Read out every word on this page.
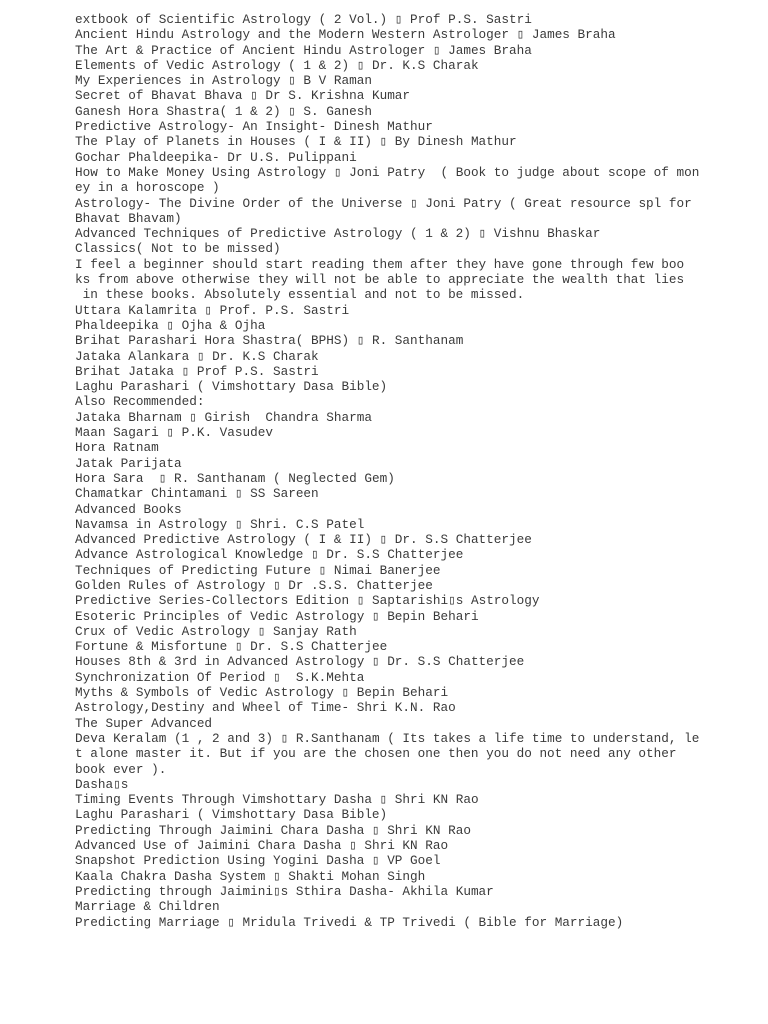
extbook of Scientific Astrology ( 2 Vol.) ▯ Prof P.S. Sastri
Ancient Hindu Astrology and the Modern Western Astrologer ▯ James Braha
The Art & Practice of Ancient Hindu Astrologer ▯ James Braha
Elements of Vedic Astrology ( 1 & 2) ▯ Dr. K.S Charak
My Experiences in Astrology ▯ B V Raman
Secret of Bhavat Bhava ▯ Dr S. Krishna Kumar
Ganesh Hora Shastra( 1 & 2) ▯ S. Ganesh
Predictive Astrology- An Insight- Dinesh Mathur
The Play of Planets in Houses ( I & II) ▯ By Dinesh Mathur
Gochar Phaldeepika- Dr U.S. Pulippani
How to Make Money Using Astrology ▯ Joni Patry  ( Book to judge about scope of mon
ey in a horoscope )
Astrology- The Divine Order of the Universe ▯ Joni Patry ( Great resource spl for
Bhavat Bhavam)
Advanced Techniques of Predictive Astrology ( 1 & 2) ▯ Vishnu Bhaskar
Classics( Not to be missed)
I feel a beginner should start reading them after they have gone through few boo
ks from above otherwise they will not be able to appreciate the wealth that lies
in these books. Absolutely essential and not to be missed.
Uttara Kalamrita ▯ Prof. P.S. Sastri
Phaldeepika ▯ Ojha & Ojha
Brihat Parashari Hora Shastra( BPHS) ▯ R. Santhanam
Jataka Alankara ▯ Dr. K.S Charak
Brihat Jataka ▯ Prof P.S. Sastri
Laghu Parashari ( Vimshottary Dasa Bible)
Also Recommended:
Jataka Bharnam ▯ Girish  Chandra Sharma
Maan Sagari ▯ P.K. Vasudev
Hora Ratnam
Jatak Parijata
Hora Sara  ▯ R. Santhanam ( Neglected Gem)
Chamatkar Chintamani ▯ SS Sareen
Advanced Books
Navamsa in Astrology ▯ Shri. C.S Patel
Advanced Predictive Astrology ( I & II) ▯ Dr. S.S Chatterjee
Advance Astrological Knowledge ▯ Dr. S.S Chatterjee
Techniques of Predicting Future ▯ Nimai Banerjee
Golden Rules of Astrology ▯ Dr .S.S. Chatterjee
Predictive Series-Collectors Edition ▯ Saptarishi▯s Astrology
Esoteric Principles of Vedic Astrology ▯ Bepin Behari
Crux of Vedic Astrology ▯ Sanjay Rath
Fortune & Misfortune ▯ Dr. S.S Chatterjee
Houses 8th & 3rd in Advanced Astrology ▯ Dr. S.S Chatterjee
Synchronization Of Period ▯  S.K.Mehta
Myths & Symbols of Vedic Astrology ▯ Bepin Behari
Astrology,Destiny and Wheel of Time- Shri K.N. Rao
The Super Advanced
Deva Keralam (1 , 2 and 3) ▯ R.Santhanam ( Its takes a life time to understand, le
t alone master it. But if you are the chosen one then you do not need any other
book ever ).
Dasha▯s
Timing Events Through Vimshottary Dasha ▯ Shri KN Rao
Laghu Parashari ( Vimshottary Dasa Bible)
Predicting Through Jaimini Chara Dasha ▯ Shri KN Rao
Advanced Use of Jaimini Chara Dasha ▯ Shri KN Rao
Snapshot Prediction Using Yogini Dasha ▯ VP Goel
Kaala Chakra Dasha System ▯ Shakti Mohan Singh
Predicting through Jaimini▯s Sthira Dasha- Akhila Kumar
Marriage & Children
Predicting Marriage ▯ Mridula Trivedi & TP Trivedi ( Bible for Marriage)
